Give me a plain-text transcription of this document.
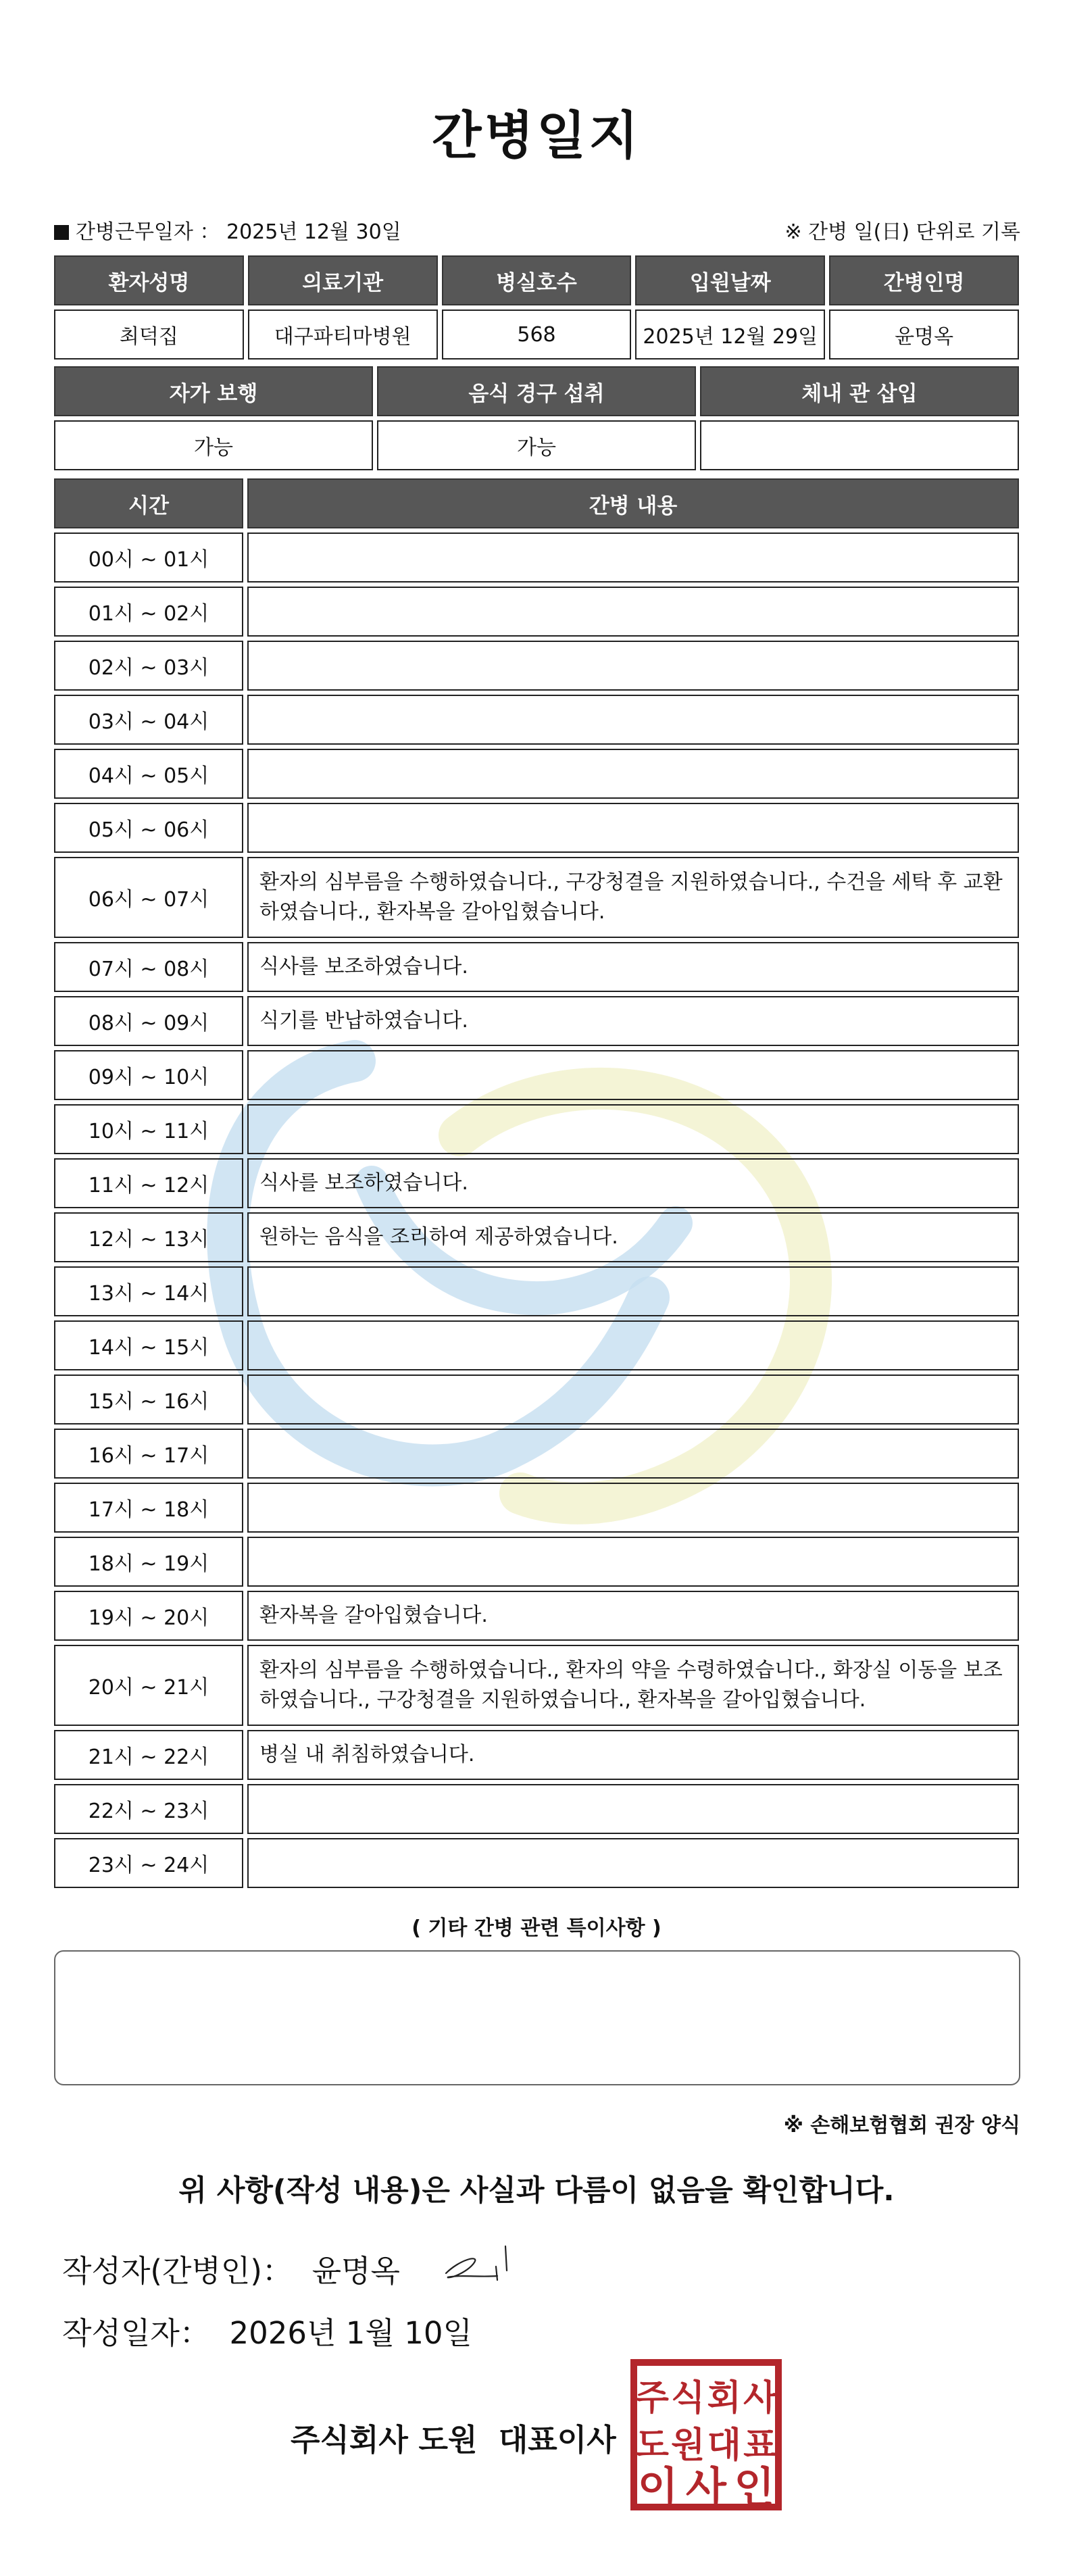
간병일지
간병근무일자 ： 2025년 12월 30일	※ 간병 일(日) 단위로 기록
환자성명	의료기관	병실호수	입원날짜	간병인명
최덕집	대구파티마병원	568	2025년 12월 29일	윤명옥
자가 보행	음식 경구 섭취	체내 관 삽입
가능	가능	
시간	간병 내용
00시 ~ 01시	
01시 ~ 02시	
02시 ~ 03시	
03시 ~ 04시	
04시 ~ 05시	
05시 ~ 06시	
06시 ~ 07시	환자의 심부름을 수행하였습니다., 구강청결을 지원하였습니다., 수건을 세탁 후 교환하였습니다., 환자복을 갈아입혔습니다.
07시 ~ 08시	식사를 보조하였습니다.
08시 ~ 09시	식기를 반납하였습니다.
09시 ~ 10시	
10시 ~ 11시	
11시 ~ 12시	식사를 보조하였습니다.
12시 ~ 13시	원하는 음식을 조리하여 제공하였습니다.
13시 ~ 14시	
14시 ~ 15시	
15시 ~ 16시	
16시 ~ 17시	
17시 ~ 18시	
18시 ~ 19시	
19시 ~ 20시	환자복을 갈아입혔습니다.
20시 ~ 21시	환자의 심부름을 수행하였습니다., 환자의 약을 수령하였습니다., 화장실 이동을 보조하였습니다., 구강청결을 지원하였습니다., 환자복을 갈아입혔습니다.
21시 ~ 22시	병실 내 취침하였습니다.
22시 ~ 23시	
23시 ~ 24시	
( 기타 간병 관련 특이사항 )
※ 손해보험협회 권장 양식
위 사항(작성 내용)은 사실과 다름이 없음을 확인합니다.
작성자(간병인)： 윤명옥
작성일자： 2026년 1월 10일
주식회사 도원  대표이사
주 식 회 사
도 원 대 표
이 사 인
